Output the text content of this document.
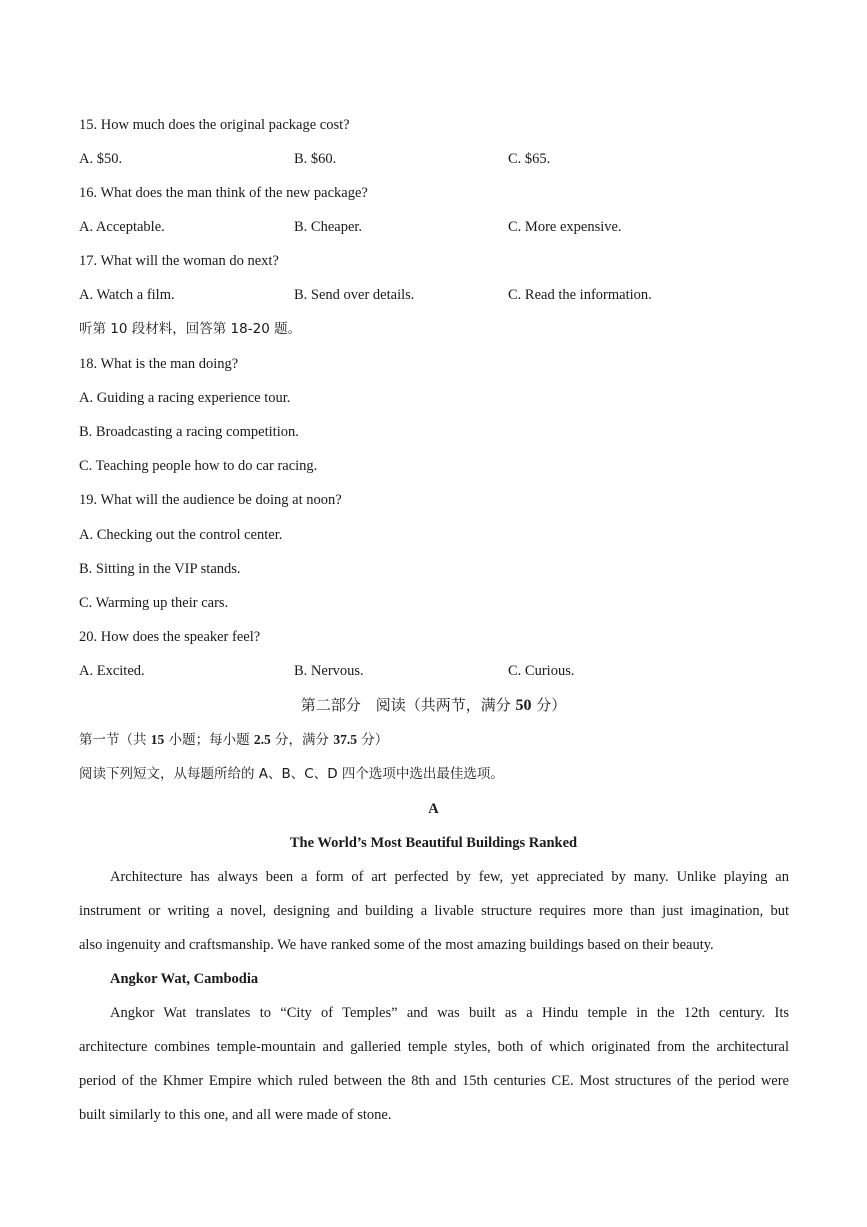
15. How much does the original package cost?
A. $50.	B. $60.	C. $65.
16. What does the man think of the new package?
A. Acceptable.	B. Cheaper.	C. More expensive.
17. What will the woman do next?
A. Watch a film.	B. Send over details.	C. Read the information.
听第 10 段材料，回答第 18-20 题。
18. What is the man doing?
A. Guiding a racing experience tour.
B. Broadcasting a racing competition.
C. Teaching people how to do car racing.
19. What will the audience be doing at noon?
A. Checking out the control center.
B. Sitting in the VIP stands.
C. Warming up their cars.
20. How does the speaker feel?
A. Excited.	B. Nervous.	C. Curious.
第二部分　阅读（共两节，满分 50 分）
第一节（共 15 小题；每小题 2.5 分，满分 37.5 分）
阅读下列短文，从每题所给的 A、B、C、D 四个选项中选出最佳选项。
A
The World’s Most Beautiful Buildings Ranked
Architecture has always been a form of art perfected by few, yet appreciated by many. Unlike playing an
instrument or writing a novel, designing and building a livable structure requires more than just imagination, but
also ingenuity and craftsmanship. We have ranked some of the most amazing buildings based on their beauty.
Angkor Wat, Cambodia
Angkor Wat translates to “City of Temples” and was built as a Hindu temple in the 12th century. Its
architecture combines temple-mountain and galleried temple styles, both of which originated from the architectural
period of the Khmer Empire which ruled between the 8th and 15th centuries CE. Most structures of the period were
built similarly to this one, and all were made of stone.
